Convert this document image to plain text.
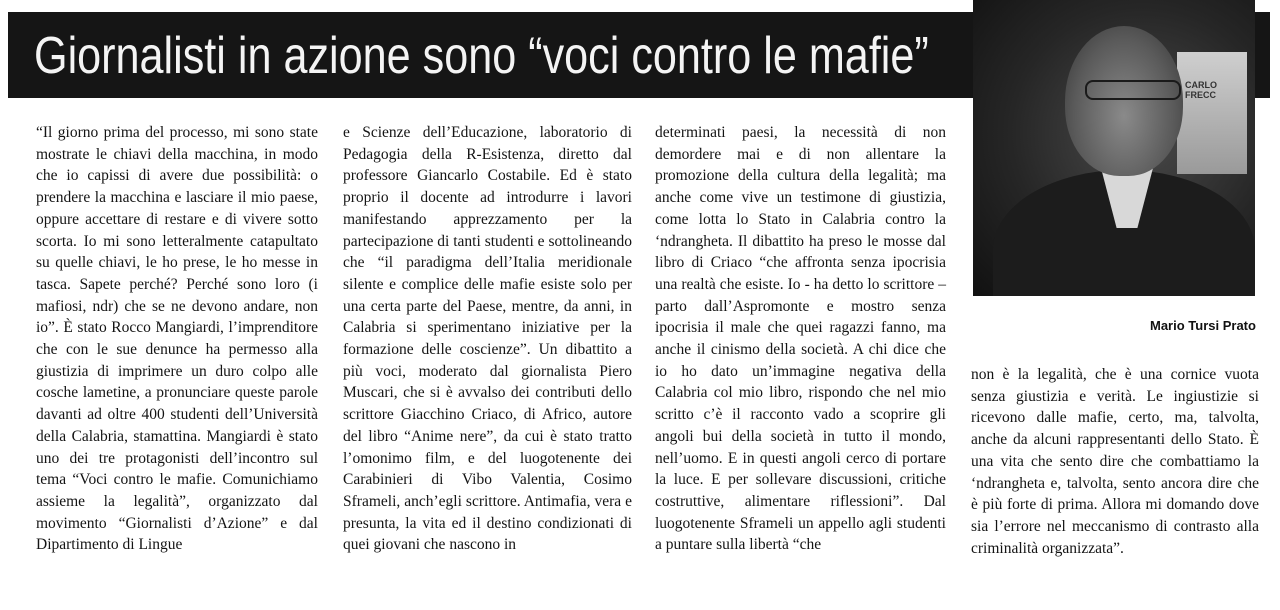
Giornalisti in azione sono “voci contro le mafie”	CARLO FRECC
Mario Tursi Prato

“Il giorno prima del processo, mi sono state mostrate le chiavi della macchina, in modo che io capissi di avere due possibilità: o prendere la macchina e lasciare il mio paese, oppure accettare di restare e di vivere sotto scorta. Io mi sono letteralmente catapultato su quelle chiavi, le ho prese, le ho messe in tasca. Sapete perché? Perché sono loro (i mafiosi, ndr) che se ne devono andare, non io”. È stato Rocco Mangiardi, l’imprenditore che con le sue denunce ha permesso alla giustizia di imprimere un duro colpo alle cosche lametine, a pronunciare queste parole davanti ad oltre 400 studenti dell’Università della Calabria, stamattina. Mangiardi è stato uno dei tre protagonisti dell’incontro sul tema “Voci contro le mafie. Comunichiamo assieme la legalità”, organizzato dal movimento “Giornalisti d’Azione” e dal Dipartimento di Lingue

e Scienze dell’Educazione, laboratorio di Pedagogia della R-Esistenza, diretto dal professore Giancarlo Costabile. Ed è stato proprio il docente ad introdurre i lavori manifestando apprezzamento per la partecipazione di tanti studenti e sottolineando che “il paradigma dell’Italia meridionale silente e complice delle mafie esiste solo per una certa parte del Paese, mentre, da anni, in Calabria si sperimentano iniziative per la formazione delle coscienze”. Un dibattito a più voci, moderato dal giornalista Piero Muscari, che si è avvalso dei contributi dello scrittore Giacchino Criaco, di Africo, autore del libro “Anime nere”, da cui è stato tratto l’omonimo film, e del luogotenente dei Carabinieri di Vibo Valentia, Cosimo Sframeli, anch’egli scrittore. Antimafia, vera e presunta, la vita ed il destino condizionati di quei giovani che nascono in

determinati paesi, la necessità di non demordere mai e di non allentare la promozione della cultura della legalità; ma anche come vive un testimone di giustizia, come lotta lo Stato in Calabria contro la ‘ndrangheta. Il dibattito ha preso le mosse dal libro di Criaco “che affronta senza ipocrisia una realtà che esiste. Io - ha detto lo scrittore – parto dall’Aspromonte e mostro senza ipocrisia il male che quei ragazzi fanno, ma anche il cinismo della società. A chi dice che io ho dato un’immagine negativa della Calabria col mio libro, rispondo che nel mio scritto c’è il racconto vado a scoprire gli angoli bui della società in tutto il mondo, nell’uomo. E in questi angoli cerco di portare la luce. E per sollevare discussioni, critiche costruttive, alimentare riflessioni”. Dal luogotenente Sframeli un appello agli studenti a puntare sulla libertà “che

non è la legalità, che è una cornice vuota senza giustizia e verità. Le ingiustizie si ricevono dalle mafie, certo, ma, talvolta, anche da alcuni rappresentanti dello Stato. È una vita che sento dire che combattiamo la ‘ndrangheta e, talvolta, sento ancora dire che è più forte di prima. Allora mi domando dove sia l’errore nel meccanismo di contrasto alla criminalità organizzata”.
